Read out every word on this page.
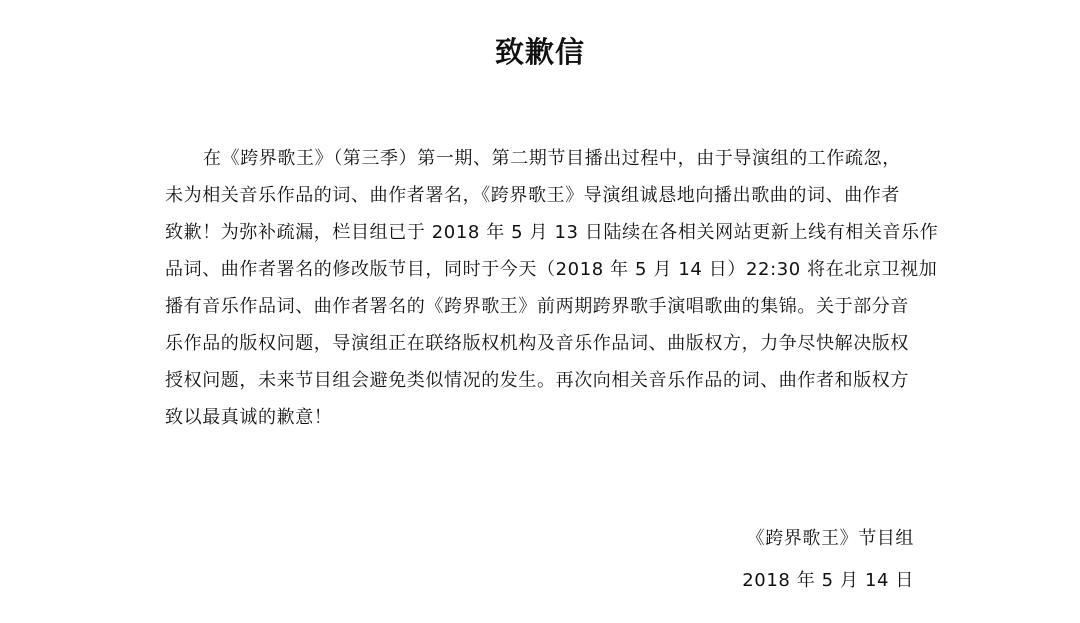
致歉信
在《跨界歌王》（第三季）第一期、第二期节目播出过程中，由于导演组的工作疏忽，
未为相关音乐作品的词、曲作者署名，《跨界歌王》导演组诚恳地向播出歌曲的词、曲作者
致歉！为弥补疏漏，栏目组已于 2018 年 5 月 13 日陆续在各相关网站更新上线有相关音乐作
品词、曲作者署名的修改版节目，同时于今天（2018 年 5 月 14 日）22:30 将在北京卫视加
播有音乐作品词、曲作者署名的《跨界歌王》前两期跨界歌手演唱歌曲的集锦。关于部分音
乐作品的版权问题，导演组正在联络版权机构及音乐作品词、曲版权方，力争尽快解决版权
授权问题，未来节目组会避免类似情况的发生。再次向相关音乐作品的词、曲作者和版权方
致以最真诚的歉意！
《跨界歌王》节目组
2018 年 5 月 14 日
